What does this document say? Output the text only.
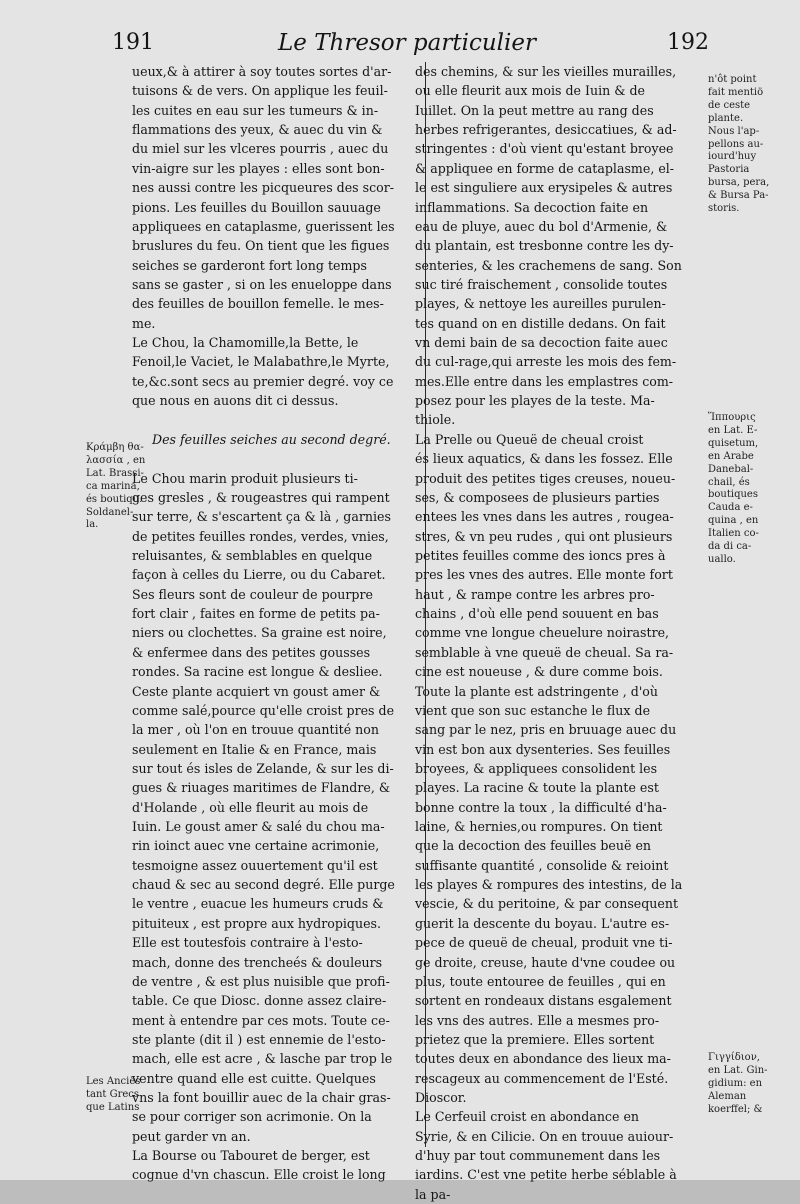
191	Le Thresor particulier	192
ueux,& à attirer à soy toutes sortes d'ar-
tuisons & de vers. On applique les feuil-
les cuites en eau sur les tumeurs & in-
flammations des yeux, & auec du vin &
du miel sur les vlceres pourris , auec du
vin-aigre sur les playes : elles sont bon-
nes aussi contre les picqueures des scor-
pions. Les feuilles du Bouillon sauuage
appliquees en cataplasme, guerissent les
bruslures du feu. On tient que les figues
seiches se garderont fort long temps
sans se gaster , si on les enueloppe dans
des feuilles de bouillon femelle. le mes-
me.
Le Chou, la Chamomille,la Bette, le
Fenoil,le Vaciet, le Malabathre,le Myrte,
te,&c.sont secs au premier degré. voy ce
que nous en auons dit ci dessus.
Des feuilles seiches au second degré.
Le Chou marin produit plusieurs ti-
ges gresles , & rougeastres qui rampent
sur terre, & s'escartent ça & là , garnies
de petites feuilles rondes, verdes, vnies,
reluisantes, & semblables en quelque
façon à celles du Lierre, ou du Cabaret.
Ses fleurs sont de couleur de pourpre
fort clair , faites en forme de petits pa-
niers ou clochettes. Sa graine est noire,
& enfermee dans des petites gousses
rondes. Sa racine est longue & desliee.
Ceste plante acquiert vn goust amer &
comme salé,pource qu'elle croist pres de
la mer , où l'on en trouue quantité non
seulement en Italie & en France, mais
sur tout és isles de Zelande, & sur les di-
gues & riuages maritimes de Flandre, &
d'Holande , où elle fleurit au mois de
Iuin. Le goust amer & salé du chou ma-
rin ioinct auec vne certaine acrimonie,
tesmoigne assez ouuertement qu'il est
chaud & sec au second degré. Elle purge
le ventre , euacue les humeurs cruds &
pituiteux , est propre aux hydropiques.
Elle est toutesfois contraire à l'esto-
mach, donne des trencheés & douleurs
de ventre , & est plus nuisible que profi-
table. Ce que Diosc. donne assez claire-
ment à entendre par ces mots. Toute ce-
ste plante (dit il ) est ennemie de l'esto-
mach, elle est acre , & lasche par trop le
ventre quand elle est cuitte. Quelques
vns la font bouillir auec de la chair gras-
se pour corriger son acrimonie. On la
peut garder vn an.
La Bourse ou Tabouret de berger, est
cognue d'vn chascun. Elle croist le long
des chemins, & sur les vieilles murailles,
ou elle fleurit aux mois de Iuin & de
Iuillet. On la peut mettre au rang des
herbes refrigerantes, desiccatiues, & ad-
stringentes : d'où vient qu'estant broyee
& appliquee en forme de cataplasme, el-
le est singuliere aux erysipeles & autres
inflammations. Sa decoction faite en
eau de pluye, auec du bol d'Armenie, &
du plantain, est tresbonne contre les dy-
senteries, & les crachemens de sang. Son
suc tiré fraischement , consolide toutes
playes, & nettoye les aureilles purulen-
tes quand on en distille dedans. On fait
vn demi bain de sa decoction faite auec
du cul-rage,qui arreste les mois des fem-
mes.Elle entre dans les emplastres com-
posez pour les playes de la teste. Ma-
thiole.
La Prelle ou Queuë de cheual croist
és lieux aquatics, & dans les fossez. Elle
produit des petites tiges creuses, noueu-
ses, & composees de plusieurs parties
entees les vnes dans les autres , rougea-
stres, & vn peu rudes , qui ont plusieurs
petites feuilles comme des ioncs pres à
pres les vnes des autres. Elle monte fort
haut , & rampe contre les arbres pro-
chains , d'où elle pend souuent en bas
comme vne longue cheuelure noirastre,
semblable à vne queuë de cheual. Sa ra-
cine est noueuse , & dure comme bois.
Toute la plante est adstringente , d'où
vient que son suc estanche le flux de
sang par le nez, pris en bruuage auec du
vin est bon aux dysenteries. Ses feuilles
broyees, & appliquees consolident les
playes. La racine & toute la plante est
bonne contre la toux , la difficulté d'ha-
laine, & hernies,ou rompures. On tient
que la decoction des feuilles beuë en
suffisante quantité , consolide & reioint
les playes & rompures des intestins, de la
vescie, & du peritoine, & par consequent
guerit la descente du boyau. L'autre es-
pece de queuë de cheual, produit vne ti-
ge droite, creuse, haute d'vne coudee ou
plus, toute entouree de feuilles , qui en
sortent en rondeaux distans esgalement
les vns des autres. Elle a mesmes pro-
prietez que la premiere. Elles sortent
toutes deux en abondance des lieux ma-
rescageux au commencement de l'Esté.
Dioscor.
Le Cerfeuil croist en abondance en
Syrie, & en Cilicie. On en trouue auiour-
d'huy par tout communement dans les
iardins. C'est vne petite herbe séblable à
la pa-
Κράμβη θα-
λασσία , en
Lat. Brassi-
ca marina,
és boutiqu.
Soldanel-
la.
Les Anciës
tant Grecs
que Latins
n'ôt point
fait mentiö
de ceste
plante.
Nous l'ap-
pellons au-
iourd'huy
Pastoria
bursa, pera,
& Bursa Pa-
storis.
Ἵππουρις
en Lat. E-
quisetum,
en Arabe
Danebal-
chail, és
boutiques
Cauda e-
quina , en
Italien co-
da di ca-
uallo.
Γιγγίδιον,
en Lat. Gin-
gidium: en
Aleman
koerffel; &
